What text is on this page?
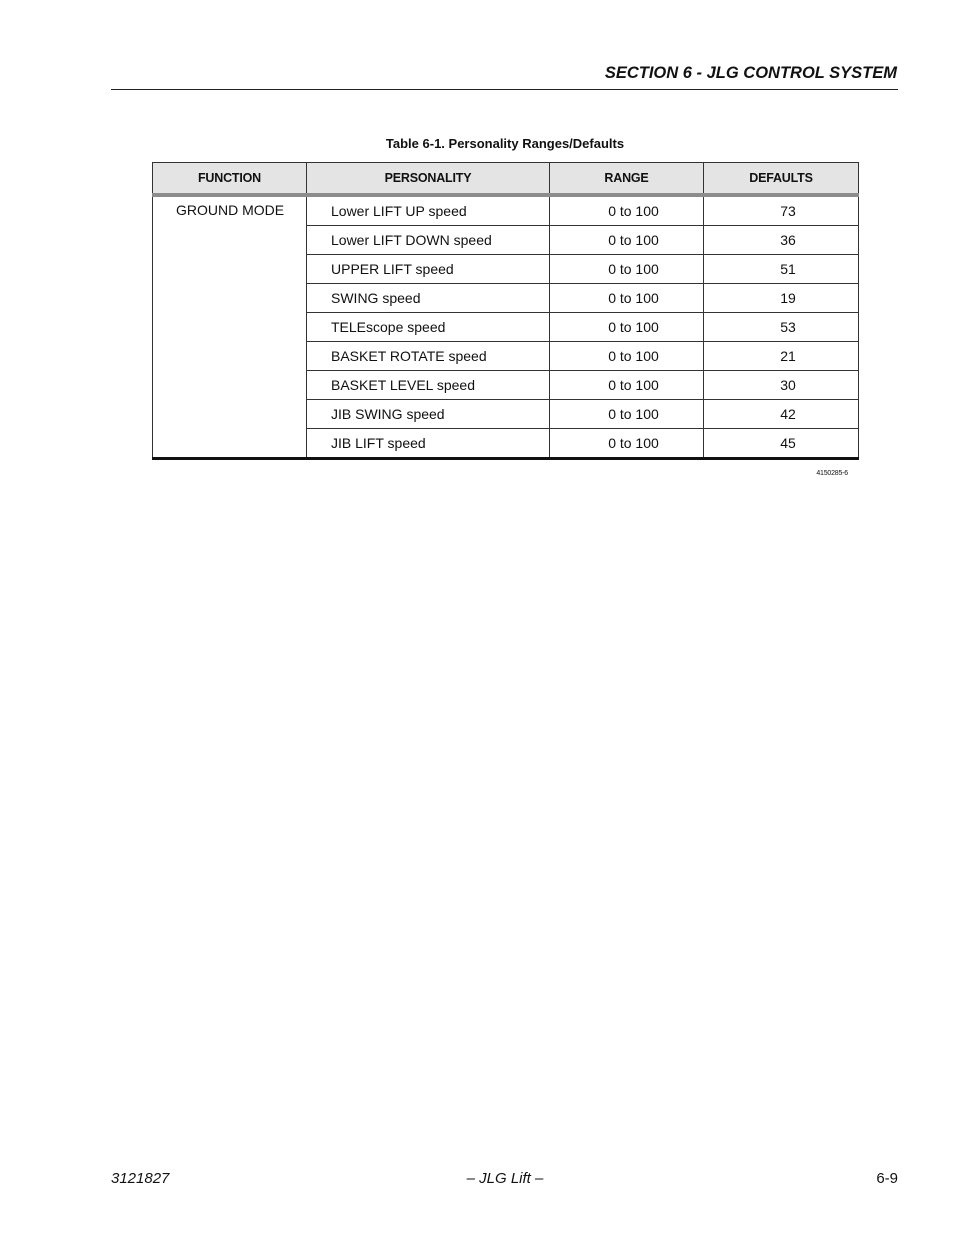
SECTION 6 - JLG CONTROL SYSTEM
Table 6-1. Personality Ranges/Defaults
FUNCTION	PERSONALITY	RANGE	DEFAULTS
GROUND MODE	Lower LIFT UP speed	0 to 100	73
	Lower LIFT DOWN speed	0 to 100	36
	UPPER LIFT speed	0 to 100	51
	SWING speed	0 to 100	19
	TELEscope speed	0 to 100	53
	BASKET ROTATE speed	0 to 100	21
	BASKET LEVEL speed	0 to 100	30
	JIB SWING speed	0 to 100	42
	JIB LIFT speed	0 to 100	45
4150285-6
3121827	– JLG Lift –	6-9
